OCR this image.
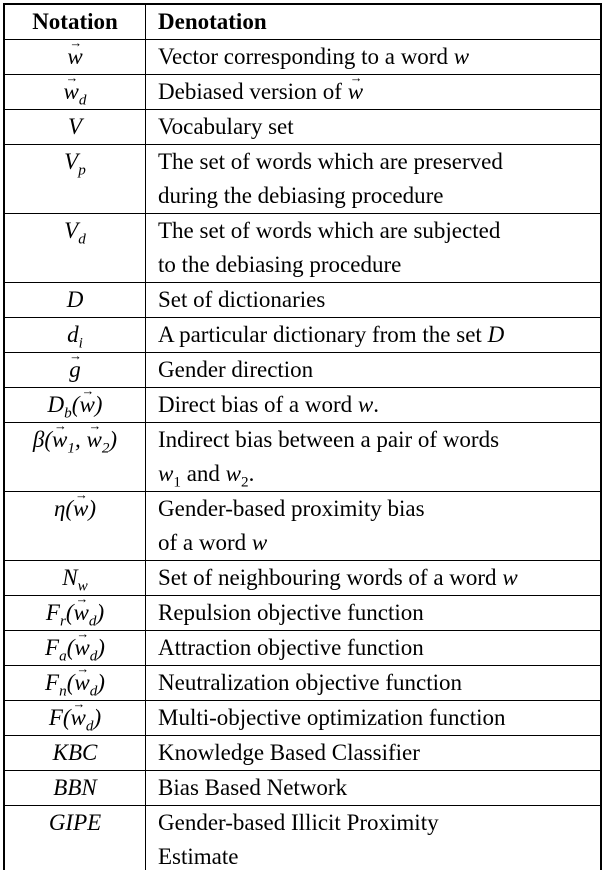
Notation	Denotation
w →	Vector corresponding to a word w
$w \to_d$	Debiased version of w →
V	Vocabulary set
$V_p$	The set of words which are preserved
during the debiasing procedure
$V_d$	The set of words which are subjected
to the debiasing procedure
D	Set of dictionaries
$d_i$	A particular dictionary from the set D
g →	Gender direction
$D_b(w$ →)	Direct bias of a word w.
$\beta(w \to_1$, $w \to_2$)	Indirect bias between a pair of words
$w_1$ and $w_2$.
η(w →)	Gender-based proximity bias
of a word w
$N_w$	Set of neighbouring words of a word w
$F_r(w \to_d)$	Repulsion objective function
$F_a(w \to_d)$	Attraction objective function
$F_n(w \to_d)$	Neutralization objective function
$F(w \to_d)$	Multi-objective optimization function
KBC	Knowledge Based Classifier
BBN	Bias Based Network
GIPE	Gender-based Illicit Proximity
Estimate
